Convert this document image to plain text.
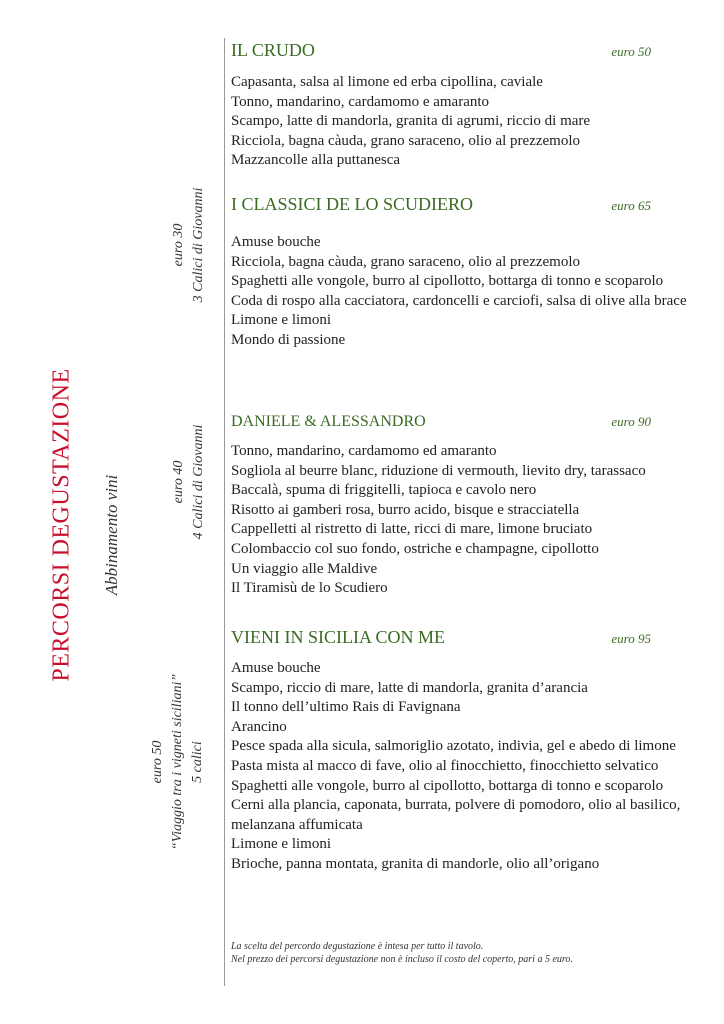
PERCORSI DEGUSTAZIONE Abbinamento vini
euro 30 3 Calici di Giovanni
euro 40 4 Calici di Giovanni
euro 50 “Viaggio tra i vigneti siciliani” 5 calici
IL CRUDO	euro 50
Capasanta, salsa al limone ed erba cipollina, caviale
Tonno, mandarino, cardamomo e amaranto
Scampo, latte di mandorla, granita di agrumi, riccio di mare
Ricciola, bagna càuda, grano saraceno, olio al prezzemolo
Mazzancolle alla puttanesca
I CLASSICI DE LO SCUDIERO	euro 65
Amuse bouche
Ricciola, bagna càuda, grano saraceno, olio al prezzemolo
Spaghetti alle vongole, burro al cipollotto, bottarga di tonno e scoparolo
Coda di rospo alla cacciatora, cardoncelli e carciofi, salsa di olive alla brace
Limone e limoni
Mondo di passione
DANIELE & ALESSANDRO	euro 90
Tonno, mandarino, cardamomo ed amaranto
Sogliola al beurre blanc, riduzione di vermouth, lievito dry, tarassaco
Baccalà, spuma di friggitelli, tapioca e cavolo nero
Risotto ai gamberi rosa, burro acido, bisque e stracciatella
Cappelletti al ristretto di latte, ricci di mare, limone bruciato
Colombaccio col suo fondo, ostriche e champagne, cipollotto
Un viaggio alle Maldive
Il Tiramisù de lo Scudiero
VIENI IN SICILIA CON ME	euro 95
Amuse bouche
Scampo, riccio di mare, latte di mandorla, granita d’arancia
Il tonno dell’ultimo Rais di Favignana
Arancino
Pesce spada alla sicula, salmoriglio azotato, indivia, gel e abedo di limone
Pasta mista al macco di fave, olio al finocchietto, finocchietto selvatico
Spaghetti alle vongole, burro al cipollotto, bottarga di tonno e scoparolo
Cerni alla plancia, caponata, burrata, polvere di pomodoro, olio al basilico, melanzana affumicata
Limone e limoni
Brioche, panna montata, granita di mandorle, olio all’origano
La scelta del percordo degustazione è intesa per tutto il tavolo.
Nel prezzo dei percorsi degustazione non è incluso il costo del coperto, pari a 5 euro.
